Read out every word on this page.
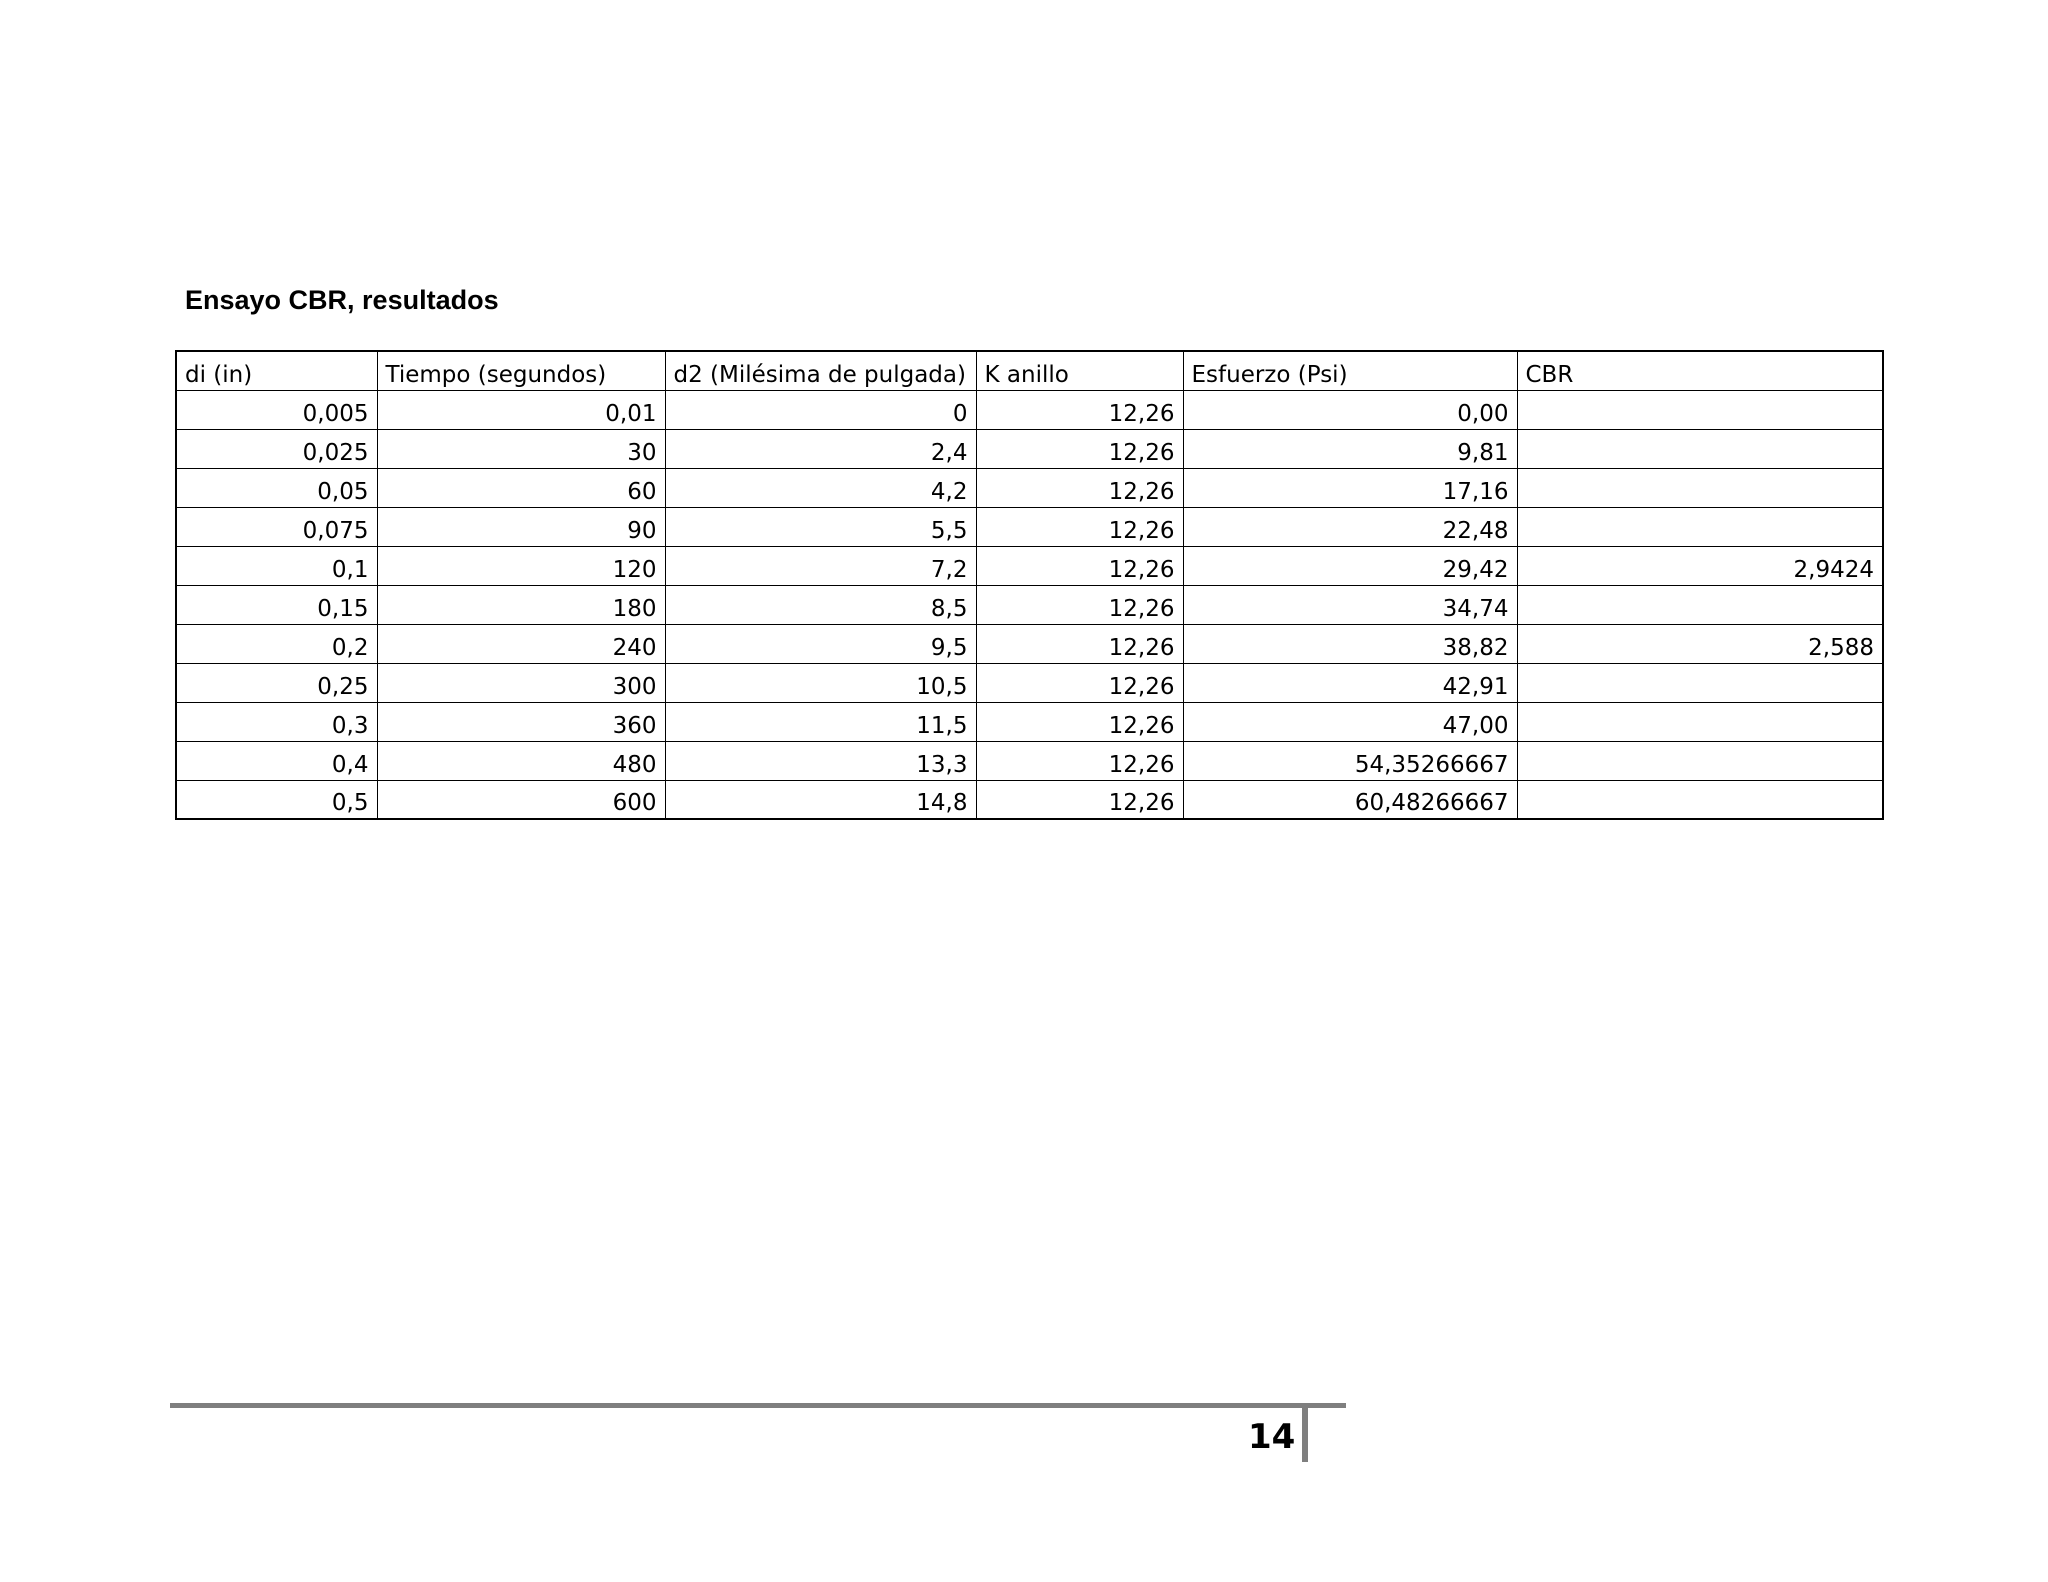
Ensayo CBR, resultados
di (in)	Tiempo (segundos)	d2 (Milésima de pulgada)	K anillo	Esfuerzo (Psi)	CBR
0,005	0,01	0	12,26	0,00	
0,025	30	2,4	12,26	9,81	
0,05	60	4,2	12,26	17,16	
0,075	90	5,5	12,26	22,48	
0,1	120	7,2	12,26	29,42	2,9424
0,15	180	8,5	12,26	34,74	
0,2	240	9,5	12,26	38,82	2,588
0,25	300	10,5	12,26	42,91	
0,3	360	11,5	12,26	47,00	
0,4	480	13,3	12,26	54,35266667	
0,5	600	14,8	12,26	60,48266667	
14
